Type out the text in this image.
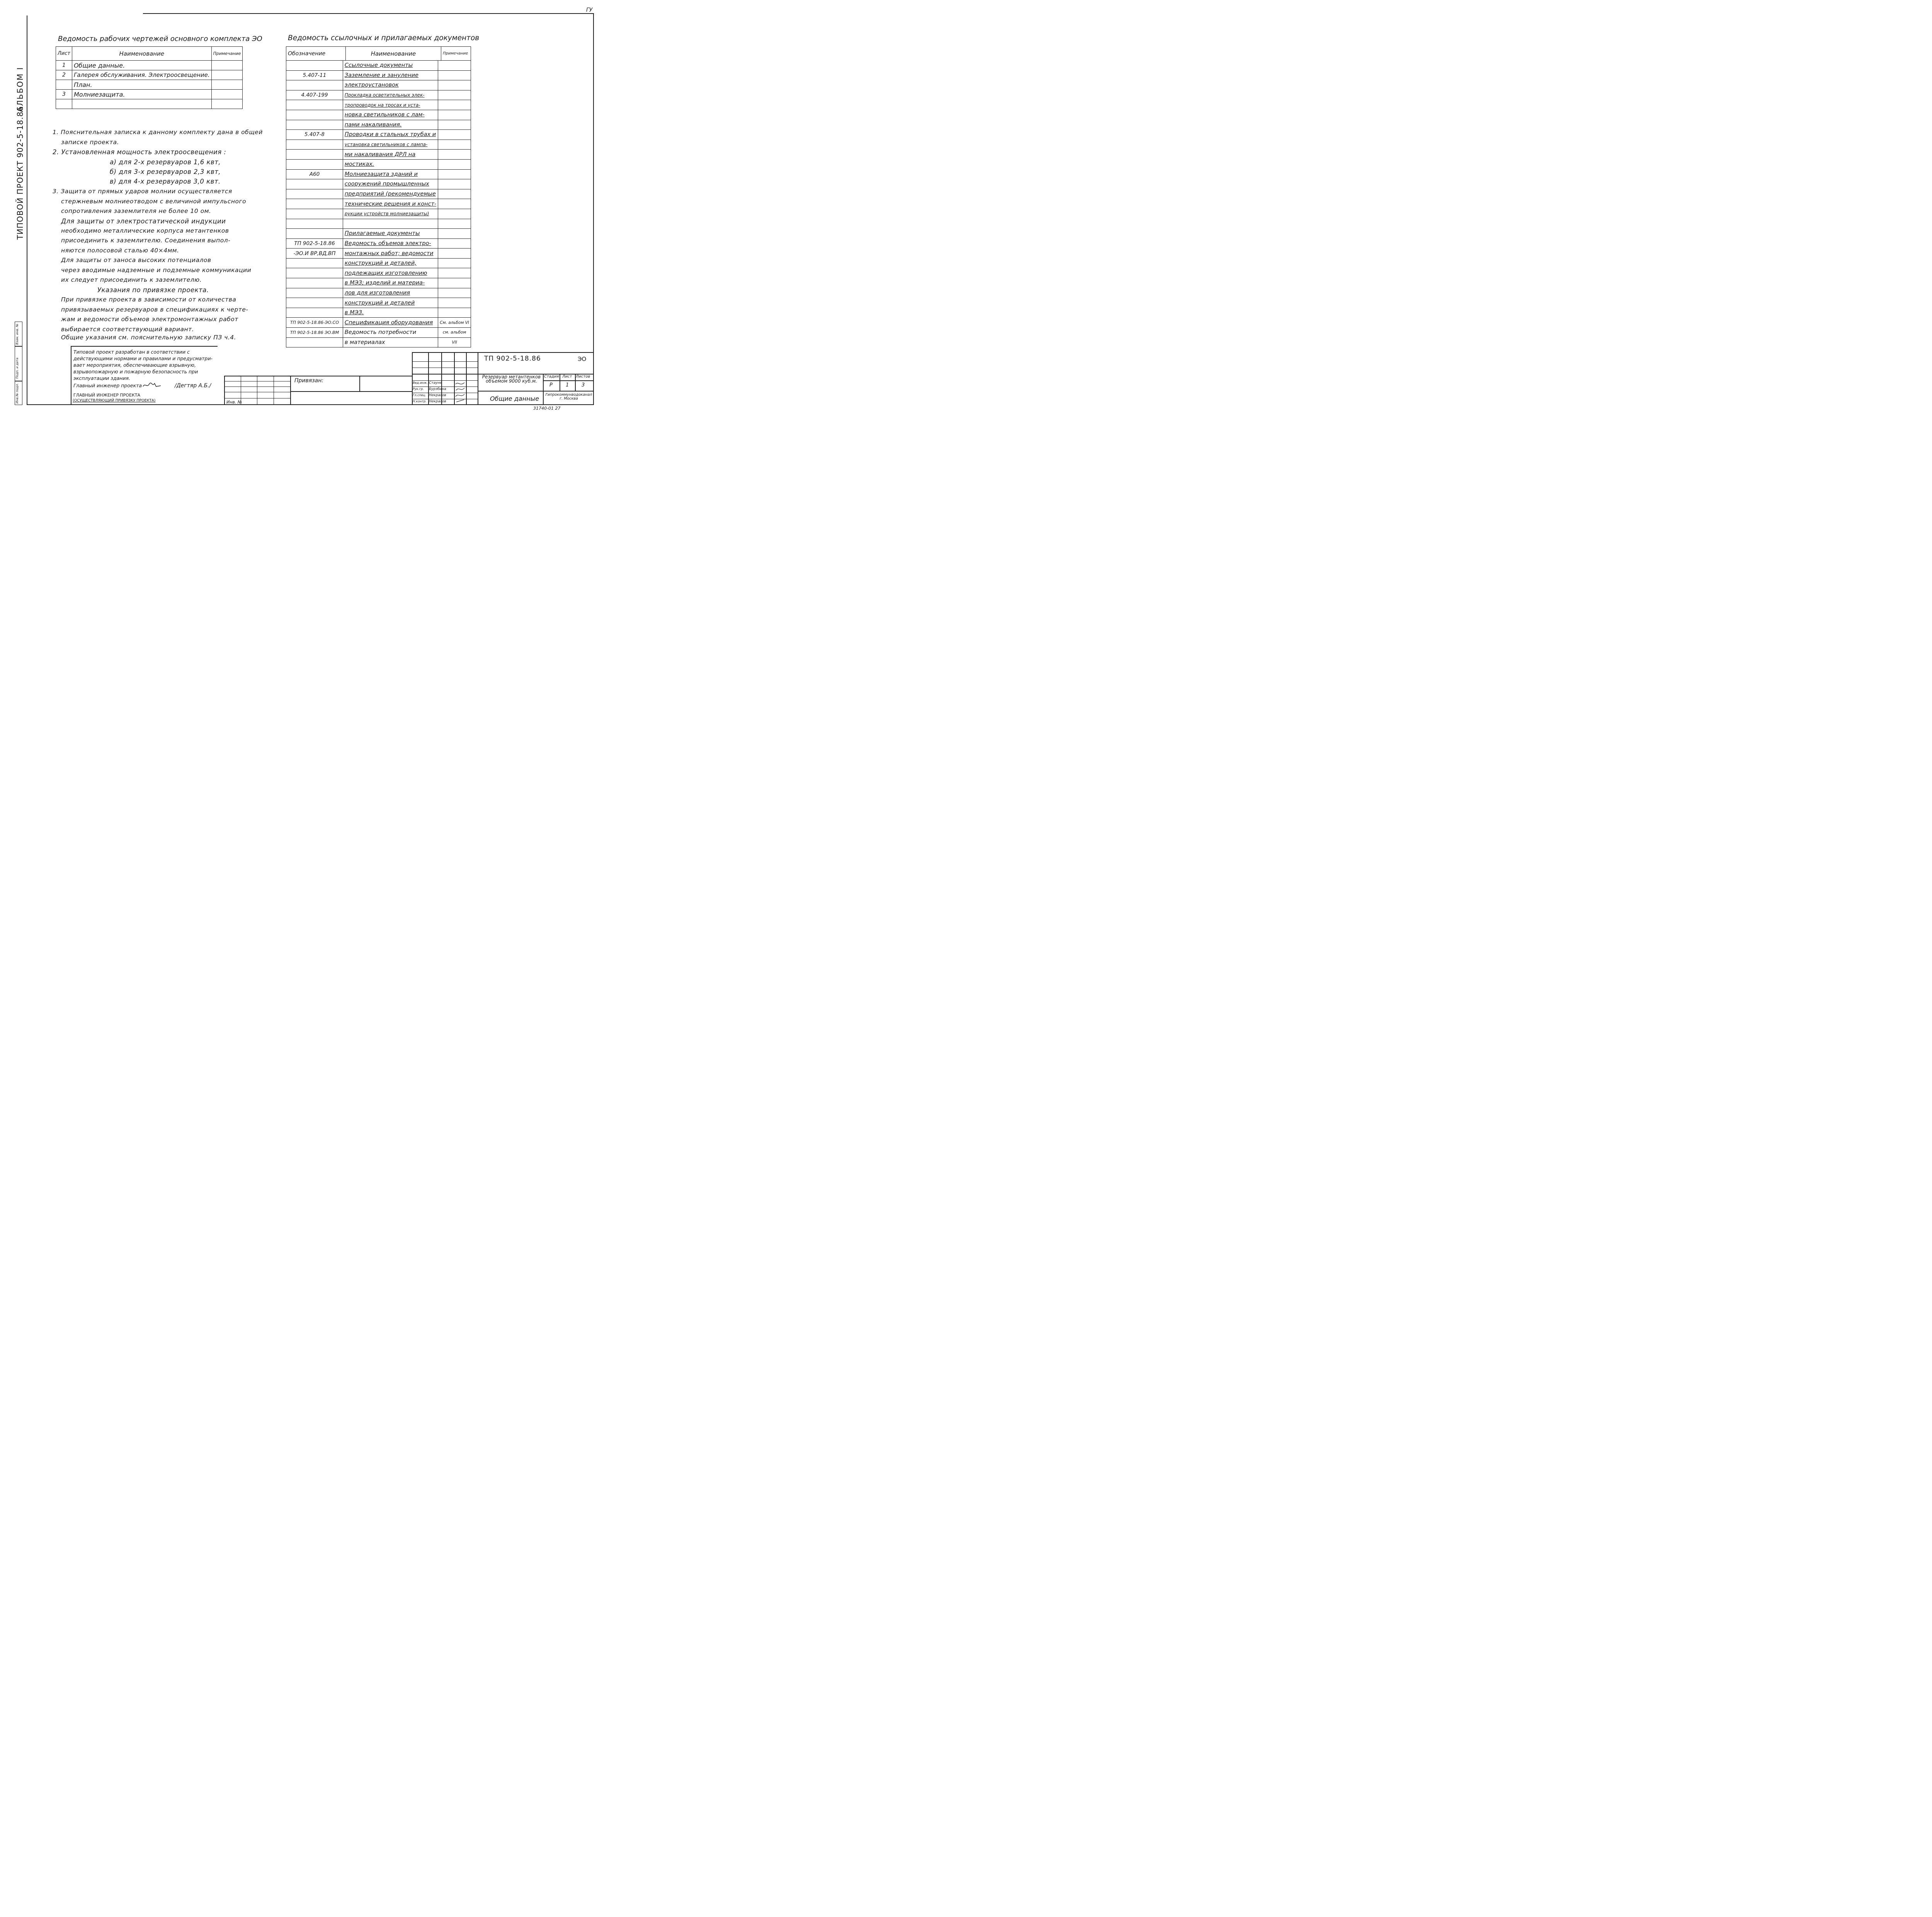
ГУ
ТИПОВОЙ ПРОЕКТ 902-5-18.86
АЛЬБОМ I
Взам. инв. №
Подп. и дата
Инв.№ подл.
Ведомость рабочих чертежей основного комплекта ЭО
Лист	Наименование	Примечание
1	Общие данные.	
2	Галерея обслуживания. Электроосвещение.	
	План.	
3	Молниезащита.	

1. Пояснительная записка к данному комплекту дана в общей
записке проекта.
2. Установленная мощность электроосвещения :
а) для 2-х резервуаров 1,6 квт,
б) для 3-х резервуаров 2,3 квт,
в) для 4-х резервуаров 3,0 квт.
3. Защита от прямых ударов молнии осуществляется
стержневым молниеотводом с величиной импульсного
сопротивления заземлителя не более 10 ом.
Для защиты от электростатической индукции
необходимо металлические корпуса метантенков
присоединить к заземлителю. Соединения выпол-
няются полосовой сталью 40×4мм.
Для защиты от заноса высоких потенциалов
через вводимые надземные и подземные коммуникации
их следует присоединить к заземлителю.
Указания по привязке проекта.
При привязке проекта в зависимости от количества
привязываемых резервуаров в спецификациях к черте-
жам и ведомости объемов электромонтажных работ
выбирается соответствующий вариант.
Общие указания см. пояснительную записку ПЗ ч.4.
Типовой проект разработан в соответствии с
действующими нормами и правилами и предусматри-
вает мероприятия, обеспечивающие взрывную,
взрывопожарную и пожарную безопасность при
эксплуатации здания.
Главный инженер проекта	/Дегтяр А.Б./
ГЛАВНЫЙ ИНЖЕНЕР ПРОЕКТА
(ОСУЩЕСТВЛЯЮЩИЙ ПРИВЯЗКУ ПРОЕКТА)
Ведомость ссылочных и прилагаемых документов
Обозначение	Наименование	Примечание
	Ссылочные документы	
5.407-11	Заземление и зануление	
	электроустановок	
4.407-199	Прокладка осветительных элек-	
	тропроводок на тросах и уста-	
	новка светильников с лам-	
	пами накаливания.	
5.407-8	Проводки в стальных трубах и	
	установка светильников с лампа-	
	ми накаливания ДРЛ на	
	мостиках.	
А60	Молниезащита зданий и	
	сооружений промышленных	
	предприятий (рекомендуемые	
	технические решения и конст-	
	рукции устройств молниезащиты)	

	Прилагаемые документы	
ТП 902-5-18.86	Ведомость объемов электро-	
-ЭО.И ВР,ВД,ВП	монтажных работ; ведомости	
	конструкций и деталей,	
	подлежащих изготовлению	
	в МЭЗ; изделий и материа-	
	лов для изготовления	
	конструкций и деталей	
	в МЭЗ.	
ТП 902-5-18.86-ЭО.СО	Спецификация оборудования	См. альбом VI
ТП 902-5-18.86 ЭО.ВМ	Ведомость потребности	см. альбом
	в материалах	VII
ТП 902-5-18.86	ЭО
Вед.инж. Стауне
Рук.гр. Бурзбина
Гл.спец. Некрасов
Н.контр. Некрасов
Резервуар метантенков объемом 9000 куб.м.
Стадия Лист Листов
Р	1	3
Общие данные
Гипрокоммунводоканал г. Москва
31740-01 27
Привязан:
Инв. №
